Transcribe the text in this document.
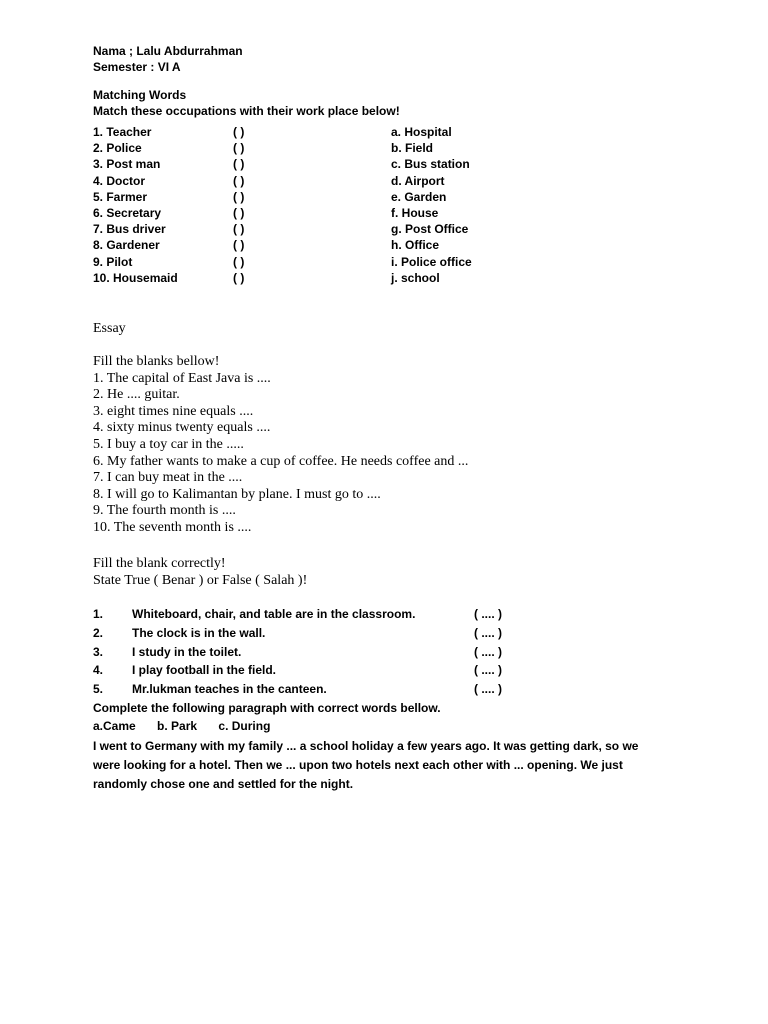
Nama ; Lalu Abdurrahman
Semester : VI A
Matching Words
Match these occupations with their work place below!
1. Teacher	( )	a. Hospital
2. Police	( )	b. Field
3. Post man	( )	c. Bus station
4. Doctor	( )	d. Airport
5. Farmer	( )	e. Garden
6. Secretary	( )	f. House
7. Bus driver	( )	g. Post Office
8. Gardener	( )	h. Office
9. Pilot	( )	i. Police office
10. Housemaid	( )	j. school
Essay
Fill the blanks bellow!
1. The capital of East Java is ....
2. He .... guitar.
3. eight times nine equals ....
4. sixty minus twenty equals ....
5. I buy a toy car in the .....
6. My father wants to make a cup of coffee. He needs coffee and ...
7. I can buy meat in the ....
8. I will go to Kalimantan by plane. I must go to ....
9. The fourth month is ....
10. The seventh month is ....
Fill the blank correctly!
State True ( Benar ) or False ( Salah )!
1. Whiteboard, chair, and table are in the classroom.	( .... )
2. The clock is in the wall.	( .... )
3. I study in the toilet.	( .... )
4. I play football in the field.	( .... )
5. Mr.lukman teaches in the canteen.	( .... )
Complete the following paragraph with correct words bellow.
a.Came b. Park c. During
I went to Germany with my family ... a school holiday a few years ago. It was getting dark, so we were looking for a hotel. Then we ... upon two hotels next each other with ... opening. We just randomly chose one and settled for the night.
